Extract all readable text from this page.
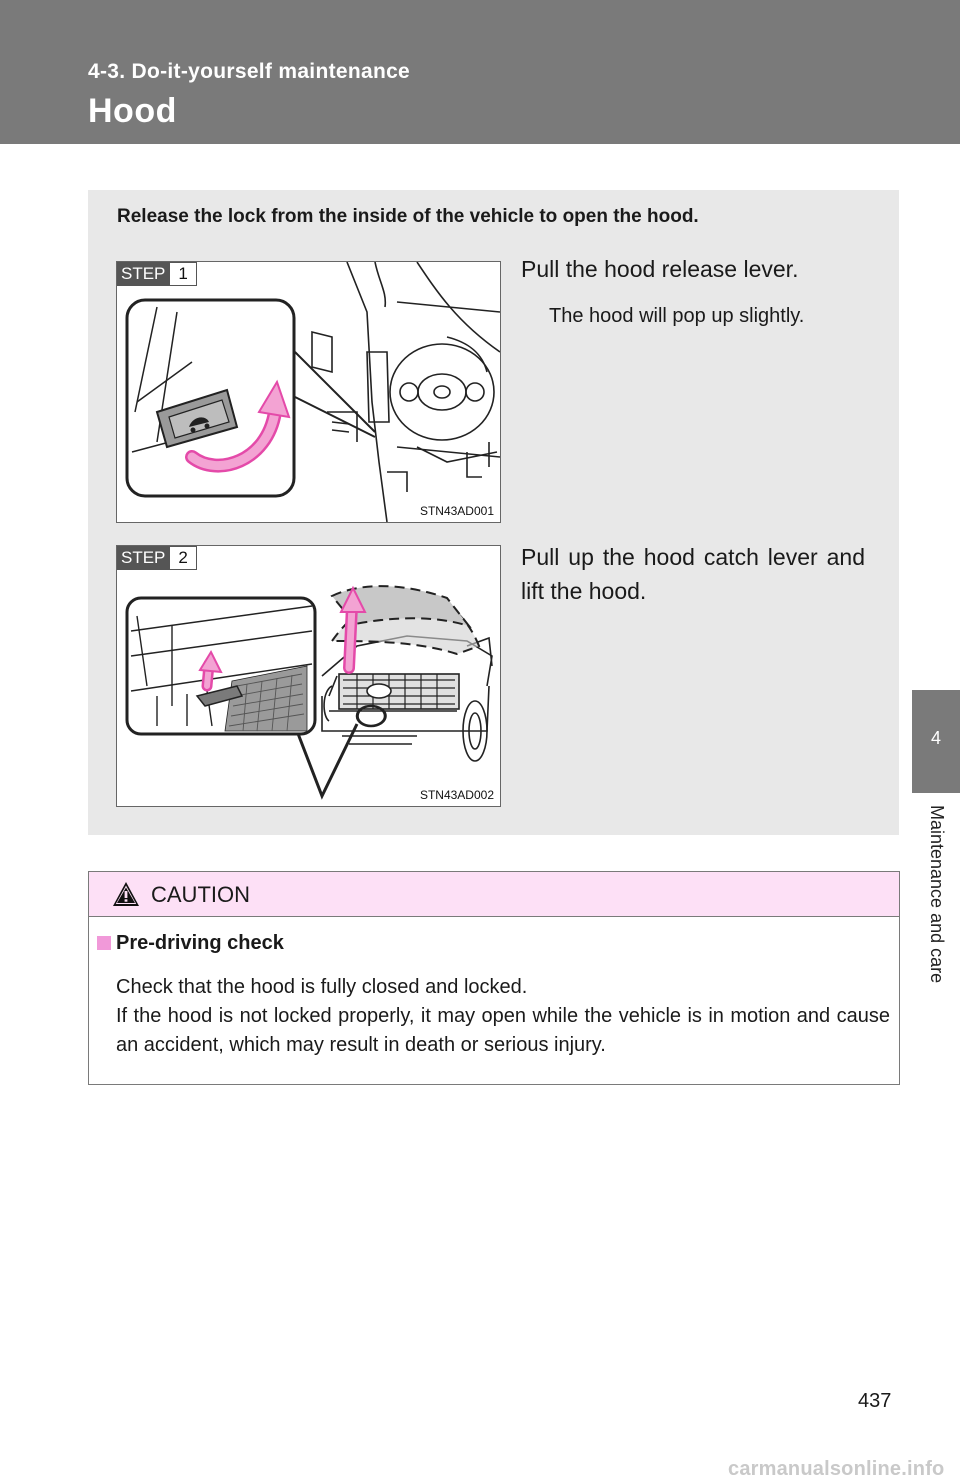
4-3. Do-it-yourself maintenance
Hood
4
Maintenance and care
Release the lock from the inside of the vehicle to open the hood.
STEP 1
STN43AD001
Pull the hood release lever.
The hood will pop up slightly.
STEP 2
STN43AD002
Pull up the hood catch lever and lift the hood.
CAUTION
Pre-driving check

Check that the hood is fully closed and locked.

If the hood is not locked properly, it may open while the vehicle is in motion and cause an accident, which may result in death or serious injury.

437
carmanualsonline.info
